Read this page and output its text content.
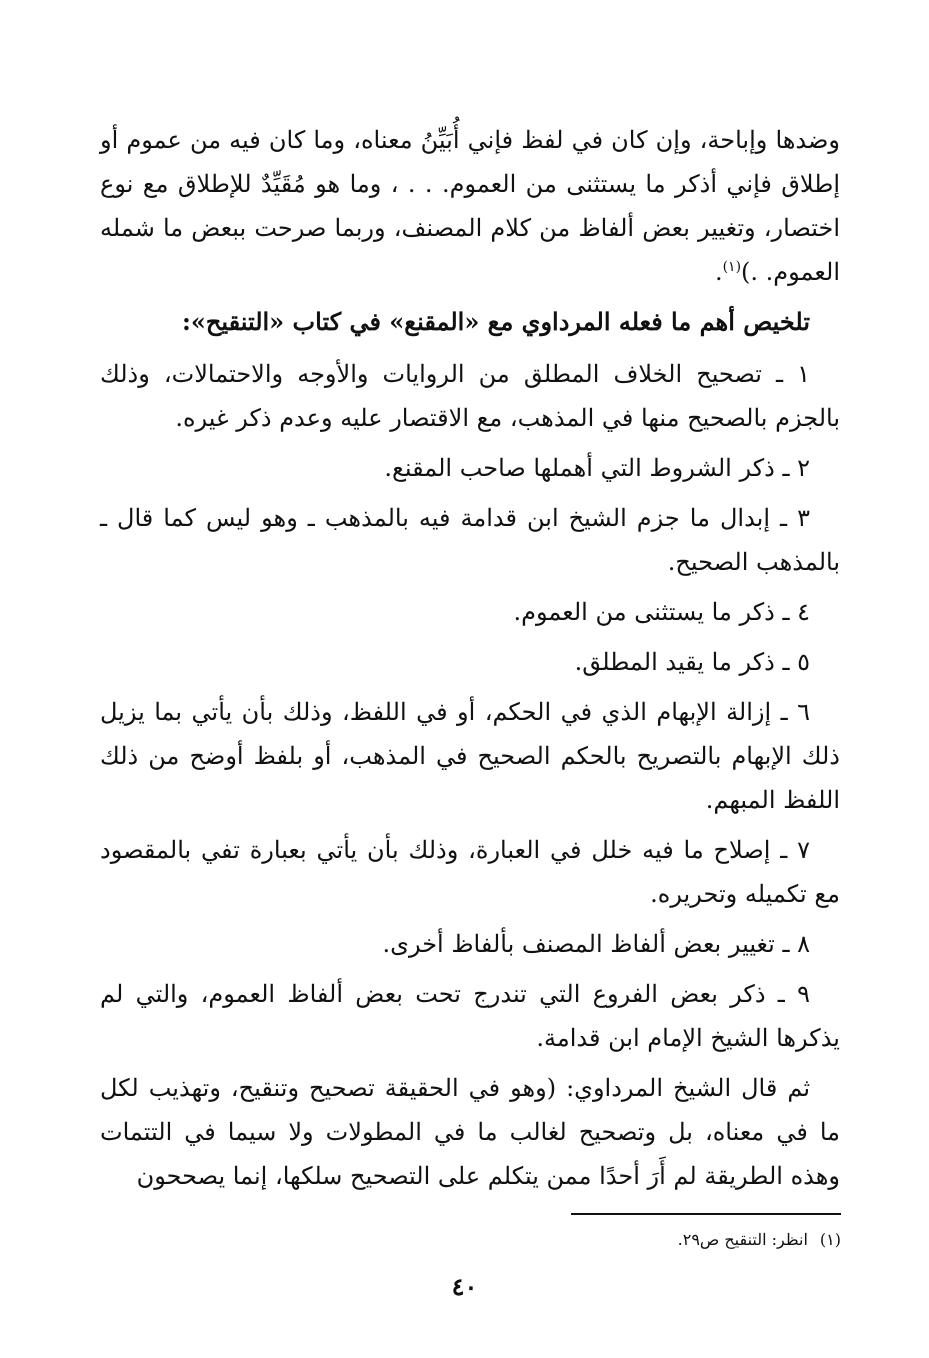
وضدها وإباحة، وإن كان في لفظ فإني أُبَيِّنُ معناه، وما كان فيه من عموم أو إطلاق فإني أذكر ما يستثنى من العموم. . . ، وما هو مُقَيِّدٌ للإطلاق مع نوع اختصار، وتغيير بعض ألفاظ من كلام المصنف، وربما صرحت ببعض ما شمله العموم. .)$^{(١)}$.

تلخيص أهم ما فعله المرداوي مع «المقنع» في كتاب «التنقيح»:

١ ـ تصحيح الخلاف المطلق من الروايات والأوجه والاحتمالات، وذلك بالجزم بالصحيح منها في المذهب، مع الاقتصار عليه وعدم ذكر غيره.

٢ ـ ذكر الشروط التي أهملها صاحب المقنع.

٣ ـ إبدال ما جزم الشيخ ابن قدامة فيه بالمذهب ـ وهو ليس كما قال ـ بالمذهب الصحيح.

٤ ـ ذكر ما يستثنى من العموم.

٥ ـ ذكر ما يقيد المطلق.

٦ ـ إزالة الإبهام الذي في الحكم، أو في اللفظ، وذلك بأن يأتي بما يزيل ذلك الإبهام بالتصريح بالحكم الصحيح في المذهب، أو بلفظ أوضح من ذلك اللفظ المبهم.

٧ ـ إصلاح ما فيه خلل في العبارة، وذلك بأن يأتي بعبارة تفي بالمقصود مع تكميله وتحريره.

٨ ـ تغيير بعض ألفاظ المصنف بألفاظ أخرى.

٩ ـ ذكر بعض الفروع التي تندرج تحت بعض ألفاظ العموم، والتي لم يذكرها الشيخ الإمام ابن قدامة.

ثم قال الشيخ المرداوي: (وهو في الحقيقة تصحيح وتنقيح، وتهذيب لكل ما في معناه، بل وتصحيح لغالب ما في المطولات ولا سيما في التتمات وهذه الطريقة لم أَرَ أحدًا ممن يتكلم على التصحيح سلكها، إنما يصححون

(١)انظر: التنقيح ص٢٩.
٤٠
